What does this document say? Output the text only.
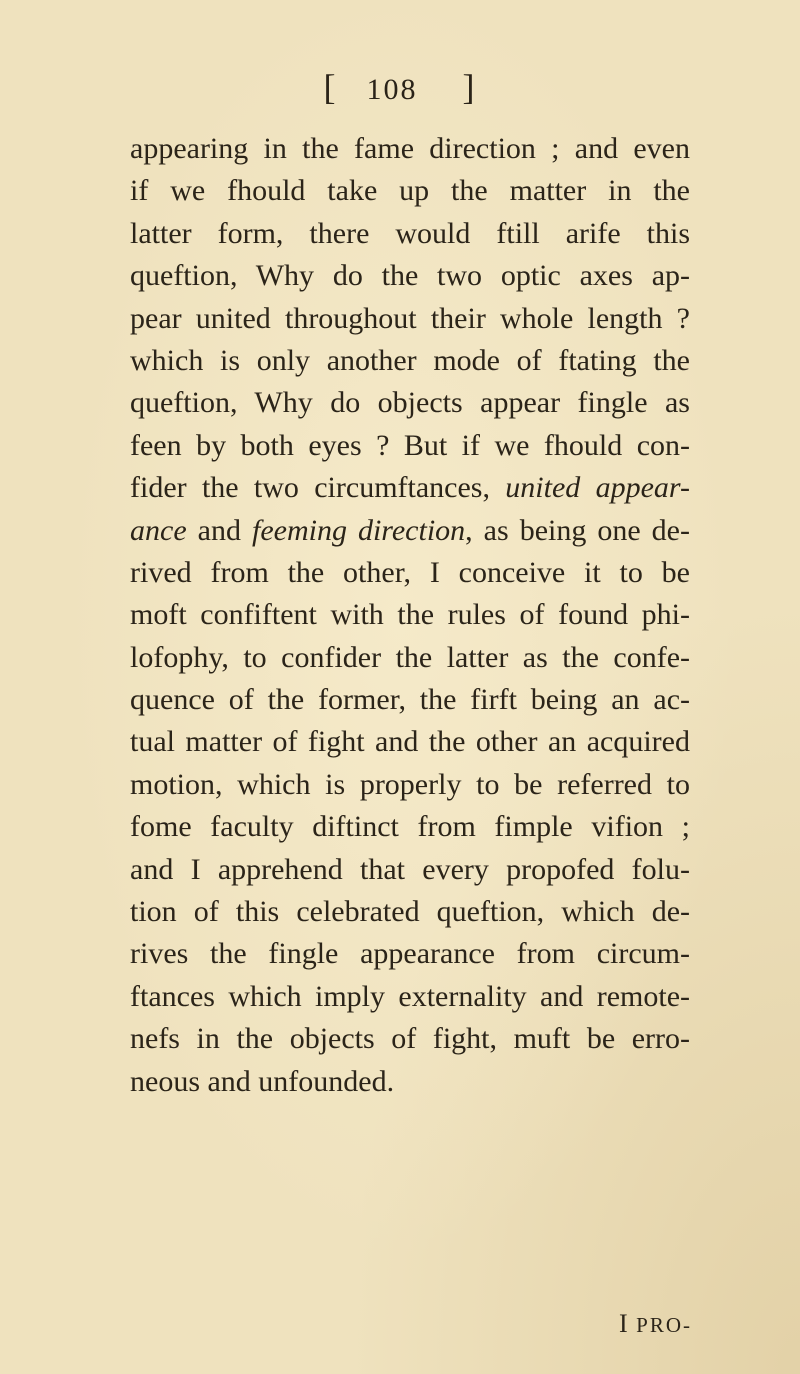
[ 108 ]
appearing in the fame direction ; and even
if we fhould take up the matter in the
latter form, there would ftill arife this
queftion, Why do the two optic axes ap-
pear united throughout their whole length ?
which is only another mode of ftating the
queftion, Why do objects appear fingle as
feen by both eyes ? But if we fhould con-
fider the two circumftances, united appear-
ance and feeming direction, as being one de-
rived from the other, I conceive it to be
moft confiftent with the rules of found phi-
lofophy, to confider the latter as the confe-
quence of the former, the firft being an ac-
tual matter of fight and the other an acquired
motion, which is properly to be referred to
fome faculty diftinct from fimple vifion ;
and I apprehend that every propofed folu-
tion of this celebrated queftion, which de-
rives the fingle appearance from circum-
ftances which imply externality and remote-
nefs in the objects of fight, muft be erro-
neous and unfounded.
I PRO-
